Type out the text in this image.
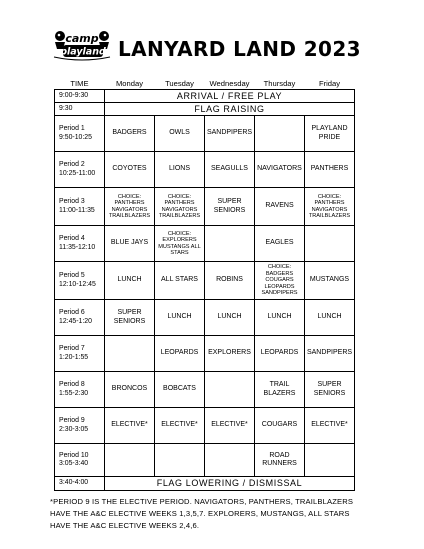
camp
playland LANYARD LAND 2023
TIME	Monday	Tuesday	Wednesday	Thursday	Friday
9:00-9:30	ARRIVAL / FREE PLAY				
9:30	FLAG RAISING				

Period 1
9:50-10:25	BADGERS	OWLS	SANDPIPERS		PLAYLAND PRIDE

Period 2
10:25-11:00	COYOTES	LIONS	SEAGULLS	NAVIGATORS	PANTHERS

Period 3
11:00-11:35	CHOICE: PANTHERS NAVIGATORS TRAILBLAZERS	CHOICE: PANTHERS NAVIGATORS TRAILBLAZERS	SUPER SENIORS	RAVENS	CHOICE: PANTHERS NAVIGATORS TRAILBLAZERS

Period 4
11:35-12:10	BLUE JAYS	CHOICE: EXPLORERS MUSTANGS ALL STARS		EAGLES	

Period 5
12:10-12:45	LUNCH	ALL STARS	ROBINS	CHOICE: BADGERS COUGARS LEOPARDS SANDPIPERS	MUSTANGS

Period 6
12:45-1:20	SUPER SENIORS	LUNCH	LUNCH	LUNCH	LUNCH

Period 7
1:20-1:55		LEOPARDS	EXPLORERS	LEOPARDS	SANDPIPERS

Period 8
1:55-2:30	BRONCOS	BOBCATS		TRAIL BLAZERS	SUPER SENIORS

Period 9
2:30-3:05	ELECTIVE*	ELECTIVE*	ELECTIVE*	COUGARS	ELECTIVE*

Period 10
3:05-3:40				ROAD RUNNERS	
3:40-4:00	FLAG LOWERING / DISMISSAL				
*PERIOD 9 IS THE ELECTIVE PERIOD. NAVIGATORS, PANTHERS, TRAILBLAZERS HAVE THE A&C ELECTIVE WEEKS 1,3,5,7. EXPLORERS, MUSTANGS, ALL STARS HAVE THE A&C ELECTIVE WEEKS 2,4,6.
